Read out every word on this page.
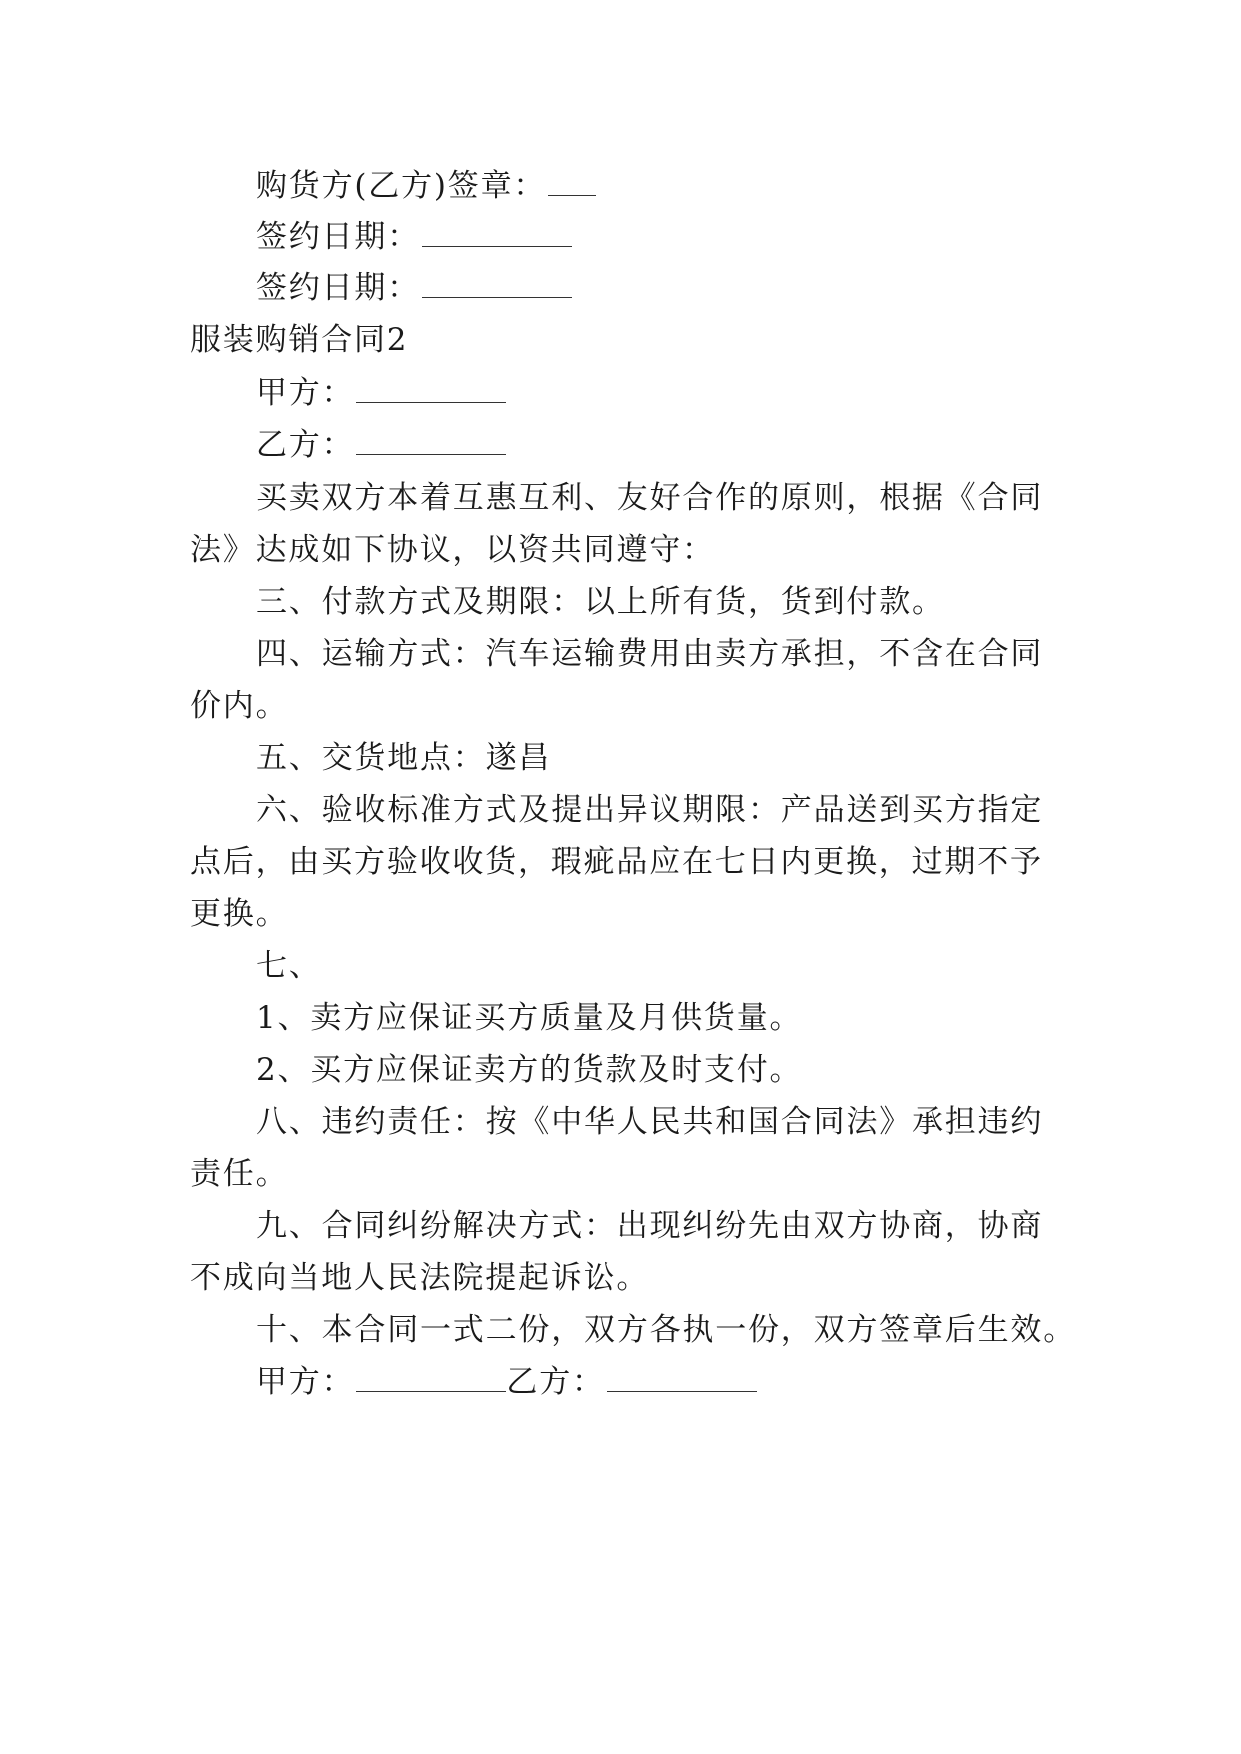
购货方(乙方)签章：
签约日期：
签约日期：
服装购销合同2
甲方：
乙方：
买卖双方本着互惠互利、友好合作的原则，根据《合同
法》达成如下协议，以资共同遵守：
三、付款方式及期限：以上所有货，货到付款。
四、运输方式：汽车运输费用由卖方承担，不含在合同
价内。
五、交货地点：遂昌
六、验收标准方式及提出异议期限：产品送到买方指定
点后，由买方验收收货，瑕疵品应在七日内更换，过期不予
更换。
七、
1、卖方应保证买方质量及月供货量。
2、买方应保证卖方的货款及时支付。
八、违约责任：按《中华人民共和国合同法》承担违约
责任。
九、合同纠纷解决方式：出现纠纷先由双方协商，协商
不成向当地人民法院提起诉讼。
十、本合同一式二份，双方各执一份，双方签章后生效。
甲方：	乙方：
